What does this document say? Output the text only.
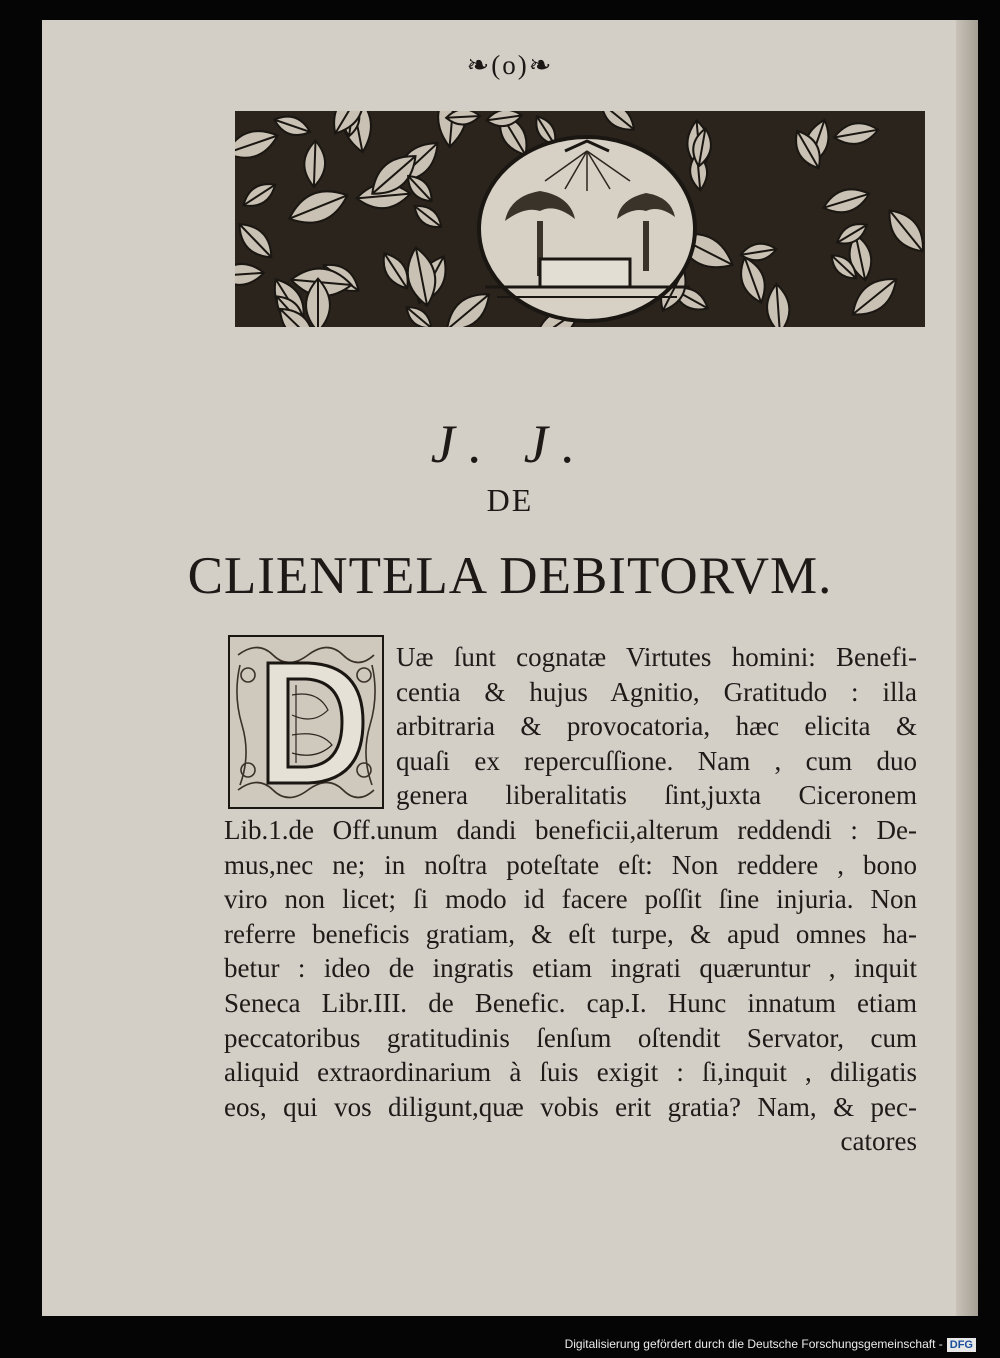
❧(o)❧
J. J.
DE
CLIENTELA DEBITORVM.
Uæ ſunt cognatæ Virtutes homini: Benefi-
centia & hujus Agnitio, Gratitudo : illa
arbitraria & provocatoria, hæc elicita &
quaſi ex repercuſſione. Nam , cum duo
genera liberalitatis ſint,juxta Ciceronem
Lib.1.de Off.unum dandi beneficii,alterum reddendi : De-
mus,nec ne; in noſtra poteſtate eſt: Non reddere , bono
viro non licet; ſi modo id facere poſſit ſine injuria. Non
referre beneficis gratiam, & eſt turpe, & apud omnes ha-
betur : ideo de ingratis etiam ingrati quæruntur , inquit
Seneca Libr.III. de Benefic. cap.I. Hunc innatum etiam
peccatoribus gratitudinis ſenſum oſtendit Servator, cum
aliquid extraordinarium à ſuis exigit : ſi,inquit , diligatis
eos, qui vos diligunt,quæ vobis erit gratia? Nam, & pec-
catores
Digitalisierung gefördert durch die Deutsche Forschungsgemeinschaft - DFG
